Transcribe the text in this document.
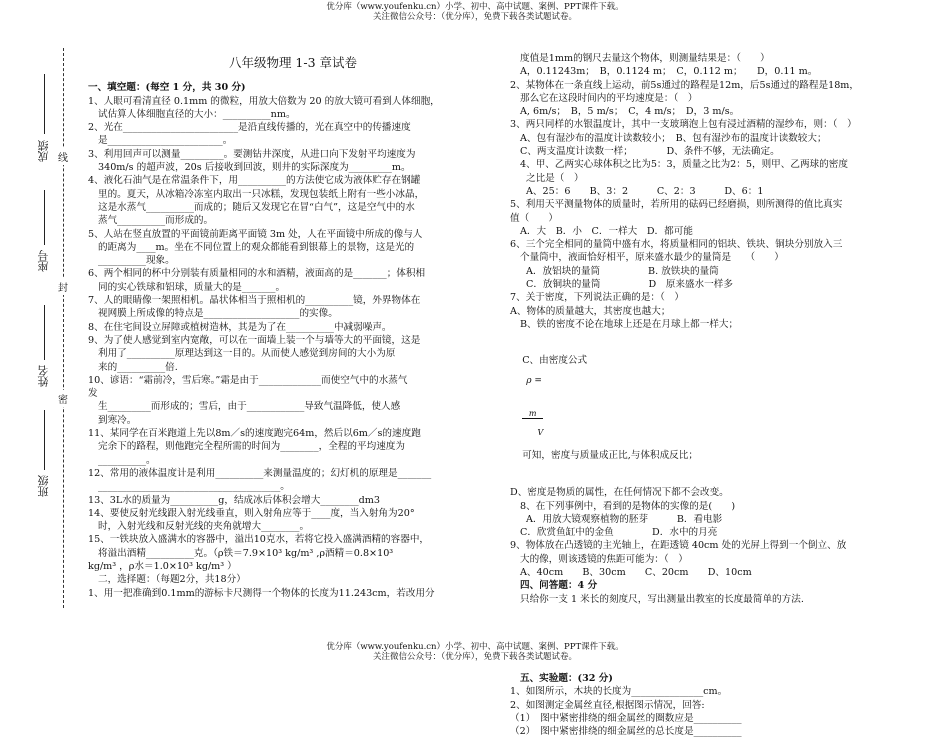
优分库（www.youfenku.cn）小学、初中、高中试题、案例、PPT课件下载。
关注微信公众号：（优分库），免费下载各类试题试卷。
线
封
密
成绩
座号
姓名
班级
八年级物理 1-3 章试卷
一、填空题：(每空 1 分，共 30 分)
1、人眼可看清直径 0.1mm 的微粒，用放大倍数为 20 的放大镜可看到人体细胞，
试估算人体细胞直径的大小：__________nm。
2、光在________________________是沿直线传播的，光在真空中的传播速度
是________________________。
3、利用回声可以测量_________。要测钻井深度，从进口向下发射平均速度为
340m/s 的超声波，20s 后接收到回波，则井的实际深度为_________m。
4、液化石油气是在常温条件下，用__________的方法使它成为液体贮存在钢罐
里的。夏天，从冰箱冷冻室内取出一只冰糕，发现包装纸上附有一些小冰晶，
这是水蒸气__________而成的；随后又发现它在冒“白气”，这是空气中的水
蒸气__________而形成的。
5、人站在竖直放置的平面镜前距离平面镜 3m 处，人在平面镜中所成的像与人
的距离为____m。坐在不同位置上的观众都能看到银幕上的景物，这是光的
__________现象。
6、两个相同的杯中分别装有质量相同的水和酒精，液面高的是_______；体积相
同的实心铁球和铝球，质量大的是_______。
7、人的眼睛像一架照相机。晶状体相当于照相机的__________镜，外界物体在
视网膜上所成像的特点是____________________的实像。
8、在住宅间设立屏障或植树造林，其是为了在__________中减弱噪声。
9、为了使人感觉到室内宽敞，可以在一面墙上装一个与墙等大的平面镜，这是
利用了__________原理达到这一目的。从而使人感觉到房间的大小为原
来的__________倍.
10、谚语：“霜前冷，雪后寒。”霜是由于_____________而使空气中的水蒸气
发
生_________而形成的；雪后，由于____________导致气温降低，使人感
到寒冷。
11、某同学在百米跑道上先以8m／s的速度跑完64m，然后以6m／s的速度跑
完余下的路程，则他跑完全程所需的时间为________，全程的平均速度为
__________。
12、常用的液体温度计是利用__________来测量温度的；幻灯机的原理是_______
______________________________________。
13、3L水的质量为__________g，结成冰后体积会增大________dm3
14、要使反射光线跟入射光线垂直，则入射角应等于____度，当入射角为20°
时，入射光线和反射光线的夹角就增大________。
15、一铁块放入盛满水的容器中，溢出10克水，若将它投入盛满酒精的容器中，
将溢出酒精__________克。（ρ铁＝7.9×10³ kg/m³ ,ρ酒精＝0.8×10³
kg/m³ ，ρ水＝1.0×10³ kg/m³ ）
二，选择题：（每题2分，共18分）
1、用一把准确到0.1mm的游标卡尺测得一个物体的长度为11.243cm，若改用分
度值是1mm的钢尺去量这个物体，则测量结果是：（　　）
A，0.11243m；　B，0.1124 m；　C，0.112 m；　　D，0.11 m。
2、某物体在一条直线上运动，前5s通过的路程是12m，后5s通过的路程是18m，
那么它在这段时间内的平均速度是：（　）
A, 6m/s；　B，5 m/s；　C，4 m/s；　D，3 m/s。
3、两只同样的水银温度计，其中一支玻璃泡上包有浸过酒精的湿纱布，则：（　）
A、包有湿沙布的温度计读数较小；　B、包有湿沙布的温度计读数较大；
C、两支温度计读数一样；　　　　D、条件不够，无法确定。
4、甲、乙两实心球体积之比为5：3，质量之比为2：5，则甲、乙两球的密度
之比是（　）
A、25：6　　B、3：2　　　C、2：3　　　D、6：1
5、利用天平测量物体的质量时，若所用的砝码已经磨损，则所测得的值比真实
值（　　）
A．大　B．小　C．一样大　D．都可能
6、三个完全相同的量筒中盛有水，将质量相同的铝块、铁块、铜块分别放入三
个量筒中，液面恰好相平，原来盛水最少的量筒是　　（　　）
A．放铝块的量筒　　　　　B. 放铁块的量筒
C．放铜块的量筒　　　　　D　原来盛水一样多
7、关于密度，下列说法正确的是：（　）
A、物体的质量越大，其密度也越大；
B、铁的密度不论在地球上还是在月球上都一样大；

C、由密度公式
ρ =

$\frac{m}{V}$

可知，密度与质量成正比,与体积成反比；

D、密度是物质的属性，在任何情况下都不会改变。
8、在下列事例中，看到的是物体的实像的是(　　)
A．用放大镜观察植物的胚芽　　　B．看电影
C．欣赏鱼缸中的金鱼　　　　D．水中的月亮
9、物体放在凸透镜的主光轴上，在距透镜 40cm 处的光屏上得到一个倒立、放
大的像，则该透镜的焦距可能为：（　）
A、40cm　　B、30cm　　C、20cm　　D、10cm
四、问答题：4 分
只给你一支 1 米长的刻度尺，写出测量出教室的长度最简单的方法.
五、实验题：(32 分)
1、如图所示，木块的长度为_______________cm。
2、如图测定金属丝直径,根据图示情况，回答:
（1）　图中紧密排绕的细金属丝的圈数应是__________
（2）　图中紧密排绕的细金属丝的总长度是__________
优分库（www.youfenku.cn）小学、初中、高中试题、案例、PPT课件下载。
关注微信公众号：（优分库），免费下载各类试题试卷。
